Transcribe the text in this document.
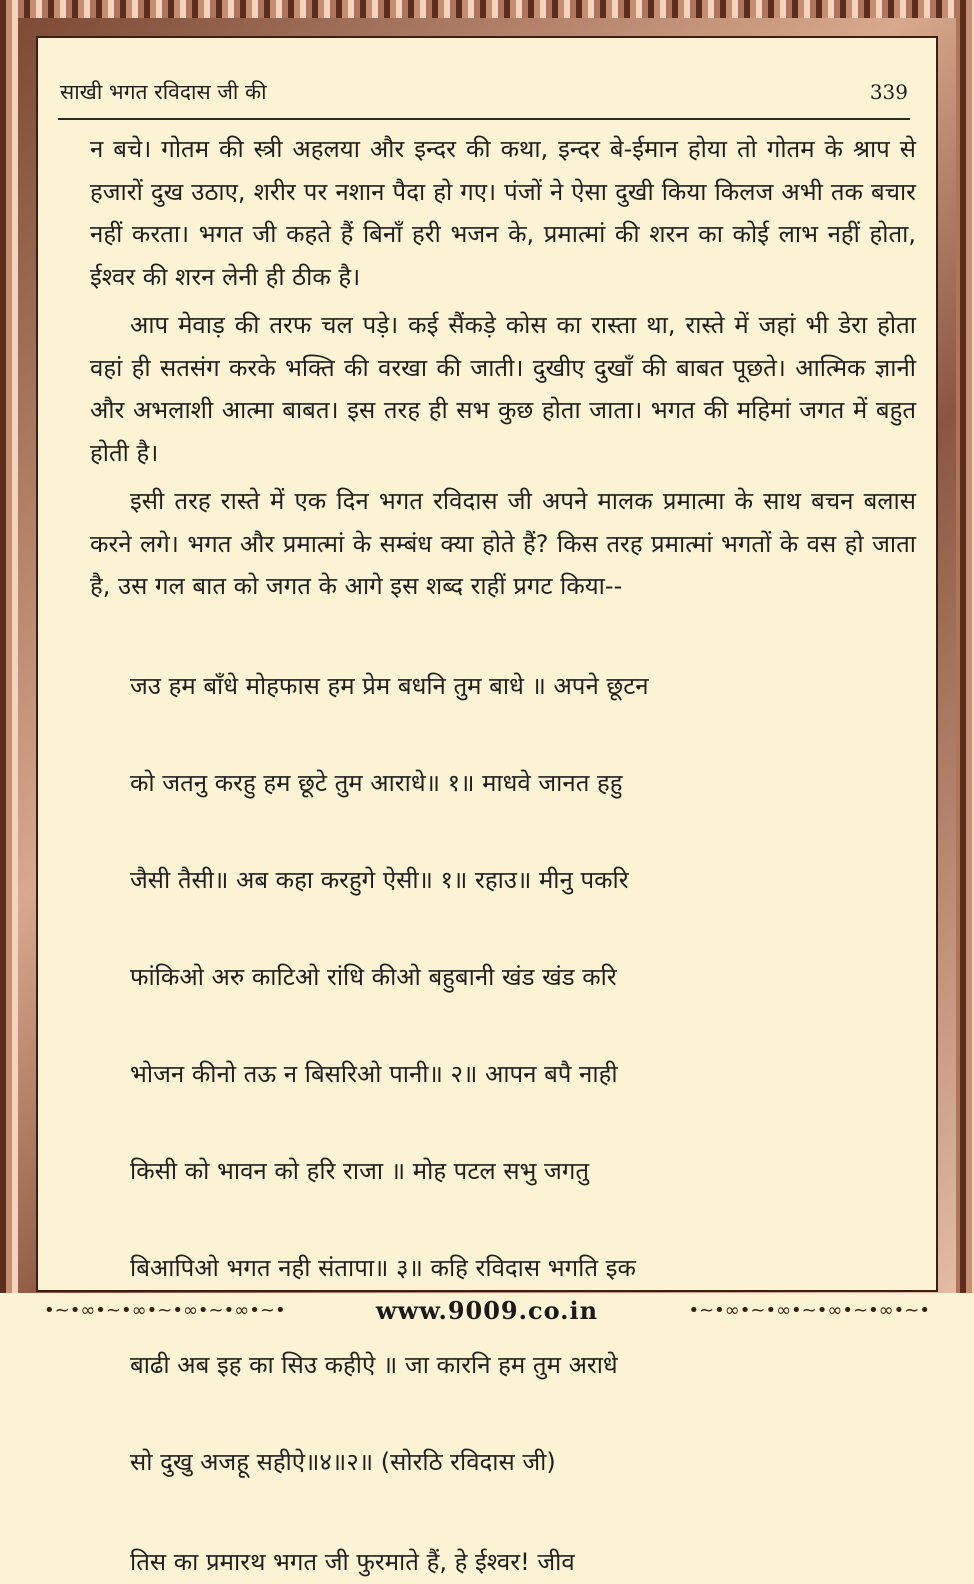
साखी भगत रविदास जी की	339

न बचे। गोतम की स्त्री अहलया और इन्दर की कथा, इन्दर बे-ईमान होया तो गोतम के श्राप से हजारों दुख उठाए, शरीर पर नशान पैदा हो गए। पंजों ने ऐसा दुखी किया किलज अभी तक बचार नहीं करता। भगत जी कहते हैं बिनाँ हरी भजन के, प्रमात्मां की शरन का कोई लाभ नहीं होता, ईश्वर की शरन लेनी ही ठीक है।

आप मेवाड़ की तरफ चल पड़े। कई सैंकड़े कोस का रास्ता था, रास्ते में जहां भी डेरा होता वहां ही सतसंग करके भक्ति की वरखा की जाती। दुखीए दुखाँ की बाबत पूछते। आत्मिक ज्ञानी और अभलाशी आत्मा बाबत। इस तरह ही सभ कुछ होता जाता। भगत की महिमां जगत में बहुत होती है।

इसी तरह रास्ते में एक दिन भगत रविदास जी अपने मालक प्रमात्मा के साथ बचन बलास करने लगे। भगत और प्रमात्मां के सम्बंध क्या होते हैं? किस तरह प्रमात्मां भगतों के वस हो जाता है, उस गल बात को जगत के आगे इस शब्द राहीं प्रगट किया--

जउ हम बाँधे मोहफास हम प्रेम बधनि तुम बाधे ॥ अपने छूटन

को जतनु करहु हम छूटे तुम आराधे॥ १॥ माधवे जानत हहु

जैसी तैसी॥ अब कहा करहुगे ऐसी॥ १॥ रहाउ॥ मीनु पकरि

फांकिओ अरु काटिओ रांधि कीओ बहुबानी खंड खंड करि

भोजन कीनो तऊ न बिसरिओ पानी॥ २॥ आपन बपै नाही

किसी को भावन को हरि राजा ॥ मोह पटल सभु जगतु

बिआपिओ भगत नही संतापा॥ ३॥ कहि रविदास भगति इक

बाढी अब इह का सिउ कहीऐ ॥ जा कारनि हम तुम अराधे

सो दुखु अजहू सहीऐ॥४॥२॥ (सोरठि रविदास जी)

तिस का प्रमारथ भगत जी फुरमाते हैं, हे ईश्वर! जीव
•~•∞•~•∞•~•∞•~•∞•~•	www.9009.co.in	•~•∞•~•∞•~•∞•~•∞•~•
